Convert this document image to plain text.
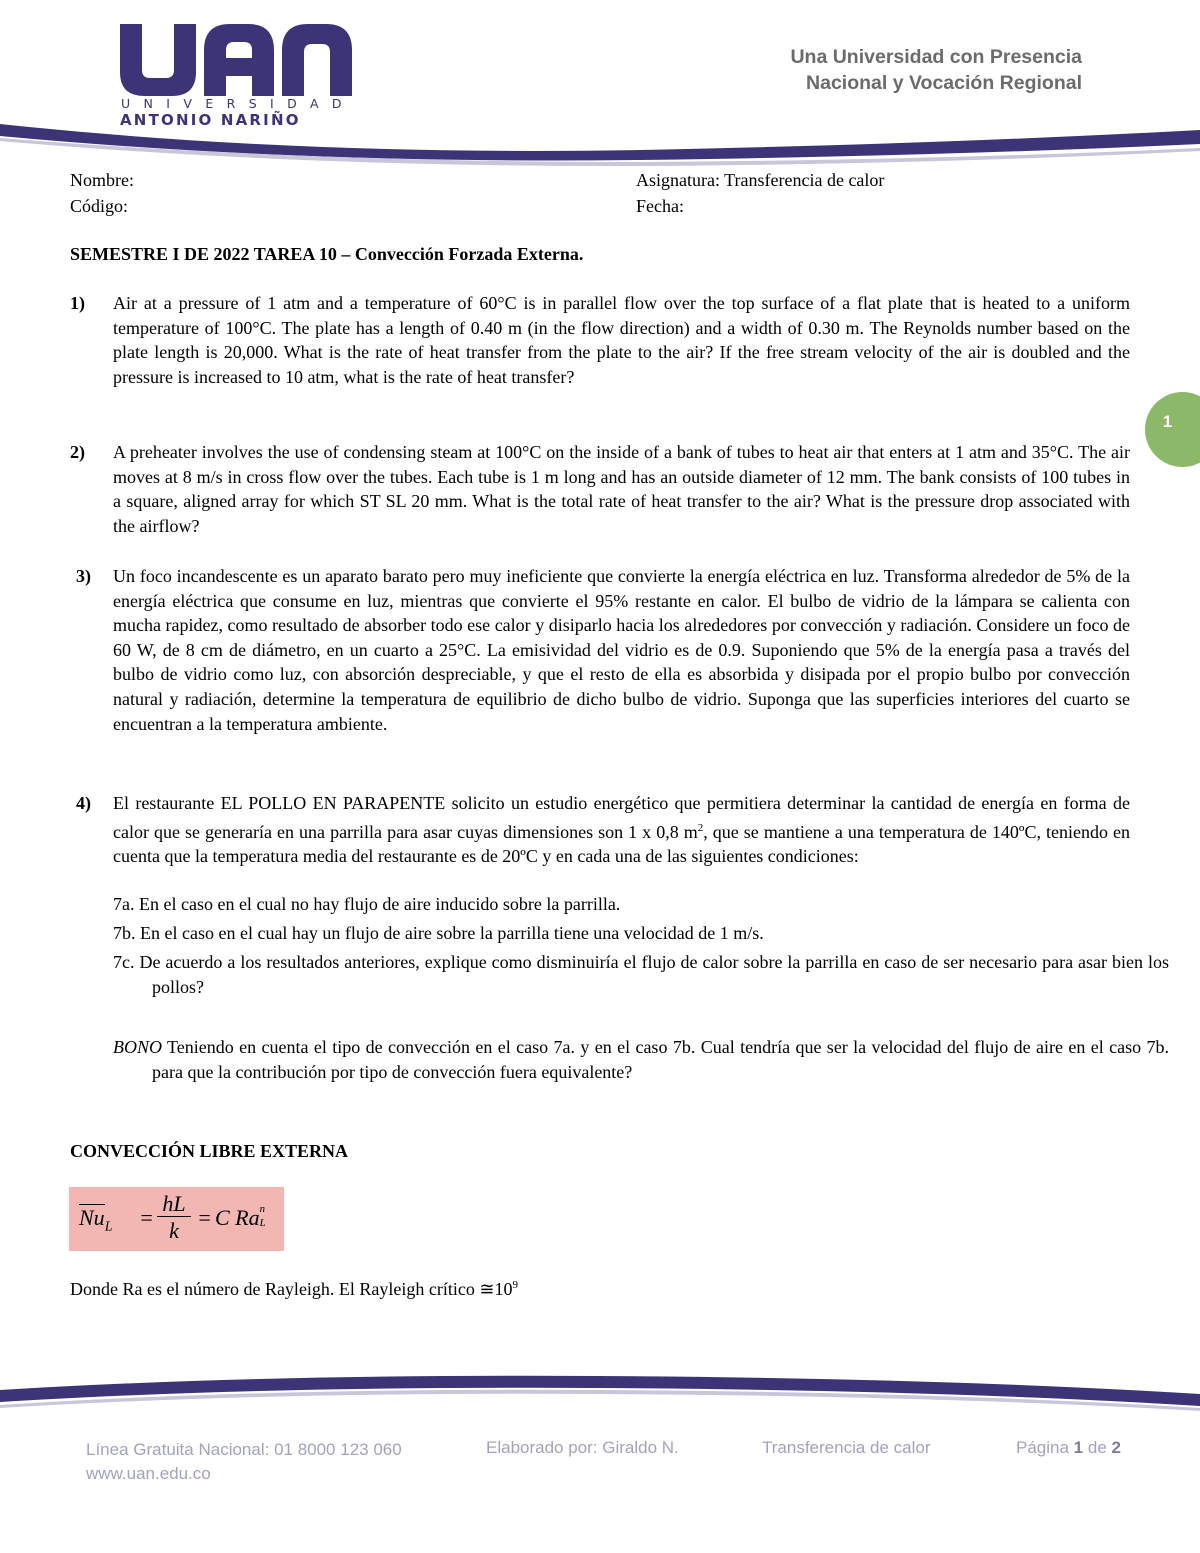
UNIVERSIDAD
ANTONIO NARIÑO
Una Universidad con Presencia
Nacional y Vocación Regional
Nombre:
Código:
Asignatura: Transferencia de calor
Fecha:
SEMESTRE I DE 2022 TAREA 10 – Convección Forzada Externa.
1) Air at a pressure of 1 atm and a temperature of 60°C is in parallel flow over the top surface of a flat plate that is heated to a uniform temperature of 100°C. The plate has a length of 0.40 m (in the flow direction) and a width of 0.30 m. The Reynolds number based on the plate length is 20,000. What is the rate of heat transfer from the plate to the air? If the free stream velocity of the air is doubled and the pressure is increased to 10 atm, what is the rate of heat transfer?
2) A preheater involves the use of condensing steam at 100°C on the inside of a bank of tubes to heat air that enters at 1 atm and 35°C. The air moves at 8 m/s in cross flow over the tubes. Each tube is 1 m long and has an outside diameter of 12 mm. The bank consists of 100 tubes in a square, aligned array for which ST SL 20 mm. What is the total rate of heat transfer to the air? What is the pressure drop associated with the airflow?
3) Un foco incandescente es un aparato barato pero muy ineficiente que convierte la energía eléctrica en luz. Transforma alrededor de 5% de la energía eléctrica que consume en luz, mientras que convierte el 95% restante en calor. El bulbo de vidrio de la lámpara se calienta con mucha rapidez, como resultado de absorber todo ese calor y disiparlo hacia los alrededores por convección y radiación. Considere un foco de 60 W, de 8 cm de diámetro, en un cuarto a 25°C. La emisividad del vidrio es de 0.9. Suponiendo que 5% de la energía pasa a través del bulbo de vidrio como luz, con absorción despreciable, y que el resto de ella es absorbida y disipada por el propio bulbo por convección natural y radiación, determine la temperatura de equilibrio de dicho bulbo de vidrio. Suponga que las superficies interiores del cuarto se encuentran a la temperatura ambiente.
4) El restaurante EL POLLO EN PARAPENTE solicito un estudio energético que permitiera determinar la cantidad de energía en forma de calor que se generaría en una parrilla para asar cuyas dimensiones son 1 x 0,8 $m^2$, que se mantiene a una temperatura de 140ºC, teniendo en cuenta que la temperatura media del restaurante es de 20ºC y en cada una de las siguientes condiciones:
7a. En el caso en el cual no hay flujo de aire inducido sobre la parrilla.
7b. En el caso en el cual hay un flujo de aire sobre la parrilla tiene una velocidad de 1 m/s.
7c. De acuerdo a los resultados anteriores, explique como disminuiría el flujo de calor sobre la parrilla en caso de ser necesario para asar bien los pollos?
BONO Teniendo en cuenta el tipo de convección en el caso 7a. y en el caso 7b. Cual tendría que ser la velocidad del flujo de aire en el caso 7b. para que la contribución por tipo de convección fuera equivalente?
CONVECCIÓN LIBRE EXTERNA
$Nu_L$ =
hL
k
= C Ra n
L
Donde Ra es el número de Rayleigh. El Rayleigh crítico $≅10^9$
1
Línea Gratuita Nacional: 01 8000 123 060
www.uan.edu.co
Elaborado por: Giraldo N.	Transferencia de calor	Página 1 de 2
